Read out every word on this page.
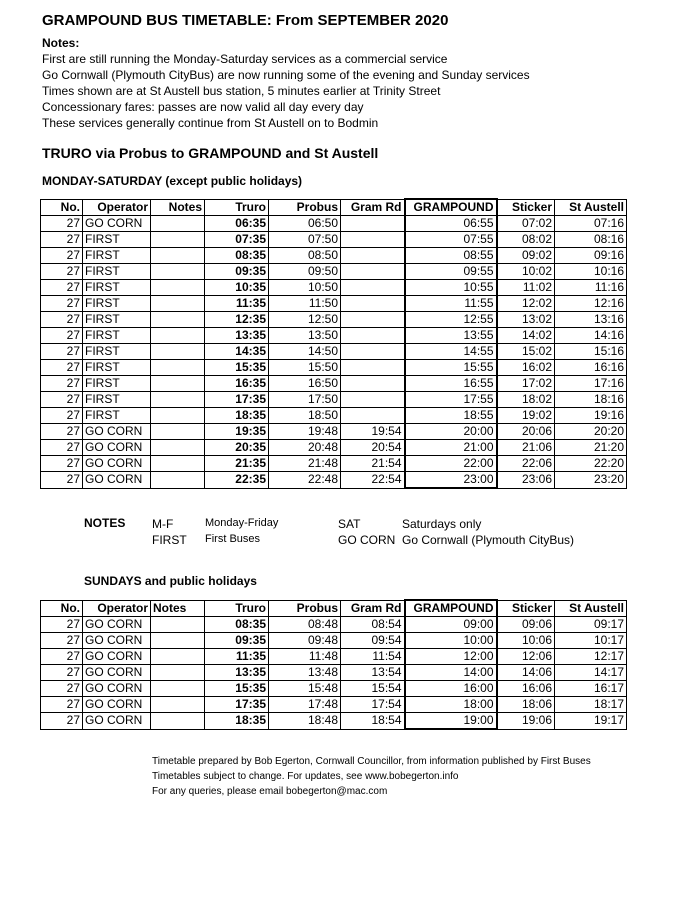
GRAMPOUND BUS TIMETABLE: From SEPTEMBER 2020
Notes:
First are still running the Monday-Saturday services as a commercial service
Go Cornwall (Plymouth CityBus) are now running some of the evening and Sunday services
Times shown are at St Austell bus station, 5 minutes earlier at Trinity Street
Concessionary fares: passes are now valid all day every day
These services generally continue from St Austell on to Bodmin
TRURO via Probus to GRAMPOUND and St Austell
MONDAY-SATURDAY (except public holidays)
No.	Operator	Notes	Truro	Probus	Gram Rd	GRAMPOUND	Sticker	St Austell
27	GO CORN		06:35	06:50		06:55	07:02	07:16
27	FIRST		07:35	07:50		07:55	08:02	08:16
27	FIRST		08:35	08:50		08:55	09:02	09:16
27	FIRST		09:35	09:50		09:55	10:02	10:16
27	FIRST		10:35	10:50		10:55	11:02	11:16
27	FIRST		11:35	11:50		11:55	12:02	12:16
27	FIRST		12:35	12:50		12:55	13:02	13:16
27	FIRST		13:35	13:50		13:55	14:02	14:16
27	FIRST		14:35	14:50		14:55	15:02	15:16
27	FIRST		15:35	15:50		15:55	16:02	16:16
27	FIRST		16:35	16:50		16:55	17:02	17:16
27	FIRST		17:35	17:50		17:55	18:02	18:16
27	FIRST		18:35	18:50		18:55	19:02	19:16
27	GO CORN		19:35	19:48	19:54	20:00	20:06	20:20
27	GO CORN		20:35	20:48	20:54	21:00	21:06	21:20
27	GO CORN		21:35	21:48	21:54	22:00	22:06	22:20
27	GO CORN		22:35	22:48	22:54	23:00	23:06	23:20
NOTES M-F	Monday-Friday	SAT	Saturdays only
FIRST First Buses	GO CORN Go Cornwall (Plymouth CityBus)
SUNDAYS and public holidays
No.	Operator	Notes	Truro	Probus	Gram Rd	GRAMPOUND	Sticker	St Austell
27	GO CORN		08:35	08:48	08:54	09:00	09:06	09:17
27	GO CORN		09:35	09:48	09:54	10:00	10:06	10:17
27	GO CORN		11:35	11:48	11:54	12:00	12:06	12:17
27	GO CORN		13:35	13:48	13:54	14:00	14:06	14:17
27	GO CORN		15:35	15:48	15:54	16:00	16:06	16:17
27	GO CORN		17:35	17:48	17:54	18:00	18:06	18:17
27	GO CORN		18:35	18:48	18:54	19:00	19:06	19:17
Timetable prepared by Bob Egerton, Cornwall Councillor, from information published by First Buses
Timetables subject to change. For updates, see www.bobegerton.info
For any queries, please email bobegerton@mac.com
